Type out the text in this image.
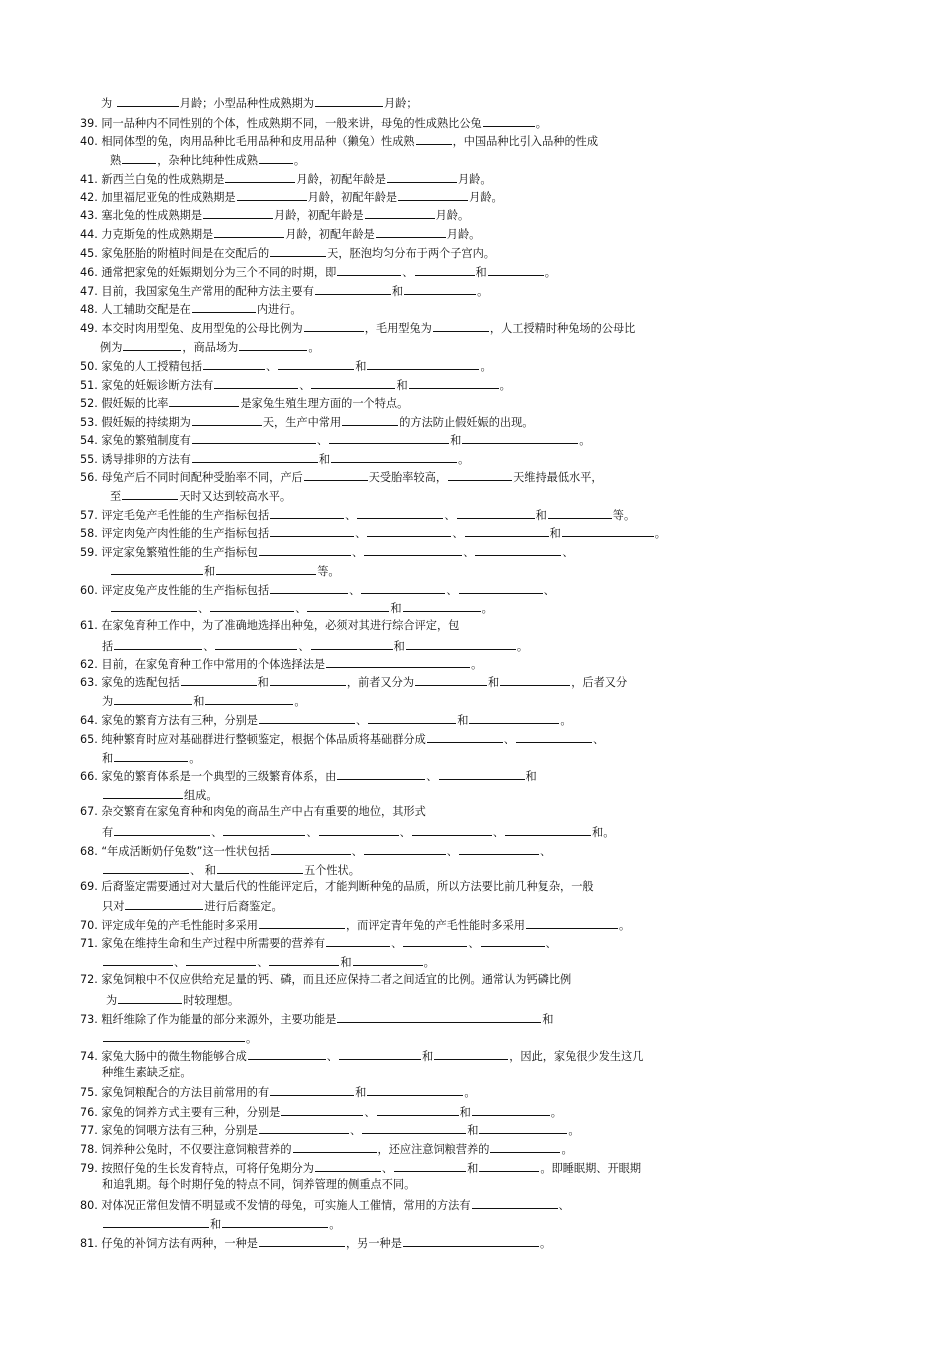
为	月龄；小型品种性成熟期为	月龄；
39. 同一品种内不同性别的个体，性成熟期不同，一般来讲，母兔的性成熟比公兔	。
40. 相同体型的兔，肉用品种比毛用品种和皮用品种（獭兔）性成熟	，中国品种比引入品种的性成
熟	，杂种比纯种性成熟	。
41. 新西兰白兔的性成熟期是	月龄，初配年龄是	月龄。
42. 加里福尼亚兔的性成熟期是	月龄，初配年龄是	月龄。
43. 塞北兔的性成熟期是	月龄，初配年龄是	月龄。
44. 力克斯兔的性成熟期是	月龄，初配年龄是	月龄。
45. 家兔胚胎的附植时间是在交配后的	天，胚泡均匀分布于两个子宫内。
46. 通常把家兔的妊娠期划分为三个不同的时期，即	、	和	。
47. 目前，我国家兔生产常用的配种方法主要有	和	。
48. 人工辅助交配是在	内进行。
49. 本交时肉用型兔、皮用型兔的公母比例为	，毛用型兔为	，人工授精时种兔场的公母比
例为	，商品场为	。
50. 家兔的人工授精包括	、	和	。
51. 家兔的妊娠诊断方法有	、	和	。
52. 假妊娠的比率	是家兔生殖生理方面的一个特点。
53. 假妊娠的持续期为	天，生产中常用	的方法防止假妊娠的出现。
54. 家兔的繁殖制度有	、	和	。
55. 诱导排卵的方法有	和	。
56. 母兔产后不同时间配种受胎率不同，产后	天受胎率较高，	天维持最低水平，
至	天时又达到较高水平。
57. 评定毛兔产毛性能的生产指标包括	、	、	和	等。
58. 评定肉兔产肉性能的生产指标包括	、	、	和	。
59. 评定家兔繁殖性能的生产指标包	、	、	、
和	等。
60. 评定皮兔产皮性能的生产指标包括	、	、	、
、	、	和	。
61. 在家兔育种工作中，为了准确地选择出种兔，必须对其进行综合评定，包
括	、	、	和	。
62. 目前，在家兔育种工作中常用的个体选择法是	。
63. 家兔的选配包括	和	，前者又分为	和	，后者又分
为	和	。
64. 家兔的繁育方法有三种，分别是	、	和	。
65. 纯种繁育时应对基础群进行整顿鉴定，根据个体品质将基础群分成	、	、
和	。
66. 家兔的繁育体系是一个典型的三级繁育体系，由	、	和
组成。
67. 杂交繁育在家兔育种和肉兔的商品生产中占有重要的地位，其形式
有	、	、	、	、	和。
68. “年成活断奶仔兔数”这一性状包括	、	、	、
、 和	五个性状。
69. 后裔鉴定需要通过对大量后代的性能评定后，才能判断种兔的品质，所以方法要比前几种复杂，一般
只对	进行后裔鉴定。
70. 评定成年兔的产毛性能时多采用	，而评定青年兔的产毛性能时多采用	。
71. 家兔在维持生命和生产过程中所需要的营养有	、	、	、
、	、	和	。
72. 家兔饲粮中不仅应供给充足量的钙、磷，而且还应保持二者之间适宜的比例。通常认为钙磷比例
为	时较理想。
73. 粗纤维除了作为能量的部分来源外，主要功能是	和
。
74. 家兔大肠中的微生物能够合成	、	和	，因此，家兔很少发生这几
种维生素缺乏症。
75. 家兔饲粮配合的方法目前常用的有	和	。
76. 家兔的饲养方式主要有三种，分别是	、	和	。
77. 家兔的饲喂方法有三种，分别是	、	和	。
78. 饲养种公兔时，不仅要注意饲粮营养的	，还应注意饲粮营养的	。
79. 按照仔兔的生长发育特点，可将仔兔期分为	、	和	。即睡眠期、开眼期
和追乳期。每个时期仔兔的特点不同，饲养管理的侧重点不同。
80. 对体况正常但发情不明显或不发情的母兔，可实施人工催情，常用的方法有	、
和	。
81. 仔兔的补饲方法有两种，一种是	，另一种是	。
